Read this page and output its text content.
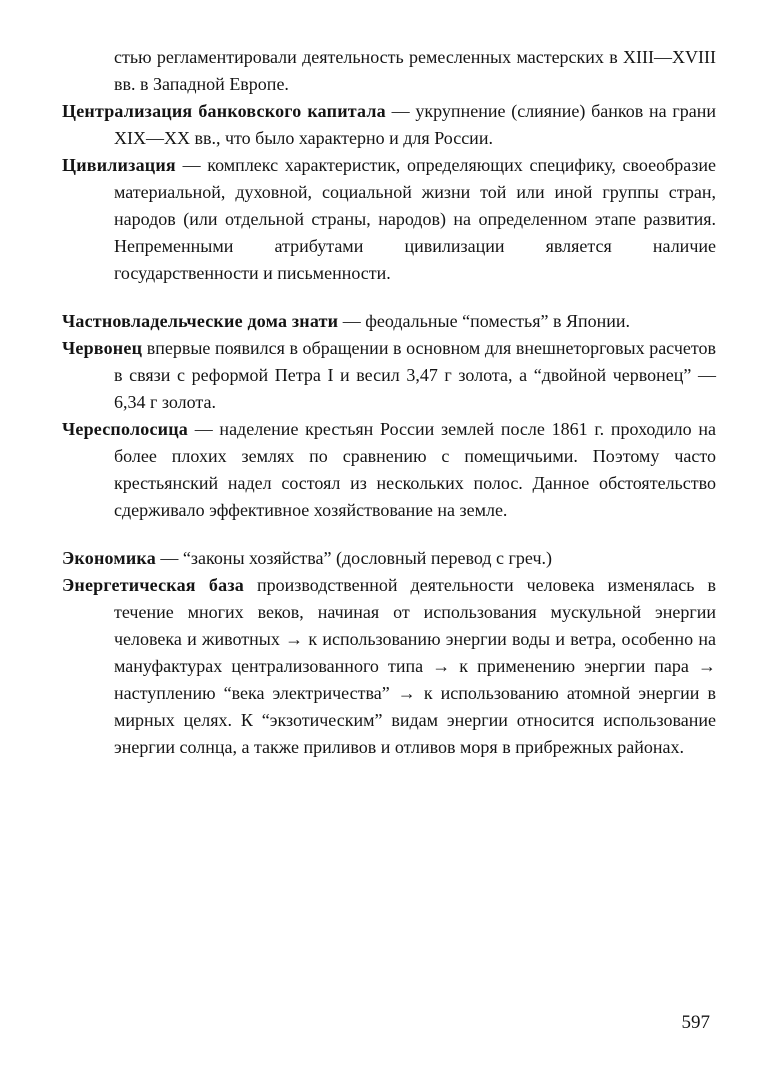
стью регламентировали деятельность ремесленных мастерских в XIII—XVIII вв. в Западной Европе.

Централизация банковского капитала — укрупнение (слияние) банков на грани XIX—XX вв., что было характерно и для России.

Цивилизация — комплекс характеристик, определяющих специфику, своеобразие материальной, духовной, социальной жизни той или иной группы стран, народов (или отдельной страны, народов) на определенном этапе развития. Непременными атрибутами цивилизации является наличие государственности и письменности.

Частновладельческие дома знати — феодальные “поместья” в Японии.

Червонец впервые появился в обращении в основном для внешнеторговых расчетов в связи с реформой Петра I и весил 3,47 г золота, а “двойной червонец” — 6,34 г золота.

Чересполосица — наделение крестьян России землей после 1861 г. проходило на более плохих землях по сравнению с помещичьими. Поэтому часто крестьянский надел состоял из нескольких полос. Данное обстоятельство сдерживало эффективное хозяйствование на земле.

Экономика — “законы хозяйства” (дословный перевод с греч.)

Энергетическая база производственной деятельности человека изменялась в течение многих веков, начиная от использования мускульной энергии человека и животных → к использованию энергии воды и ветра, особенно на мануфактурах централизованного типа → к применению энергии пара → наступлению “века электричества” → к использованию атомной энергии в мирных целях. К “экзотическим” видам энергии относится использование энергии солнца, а также приливов и отливов моря в прибрежных районах.

597
